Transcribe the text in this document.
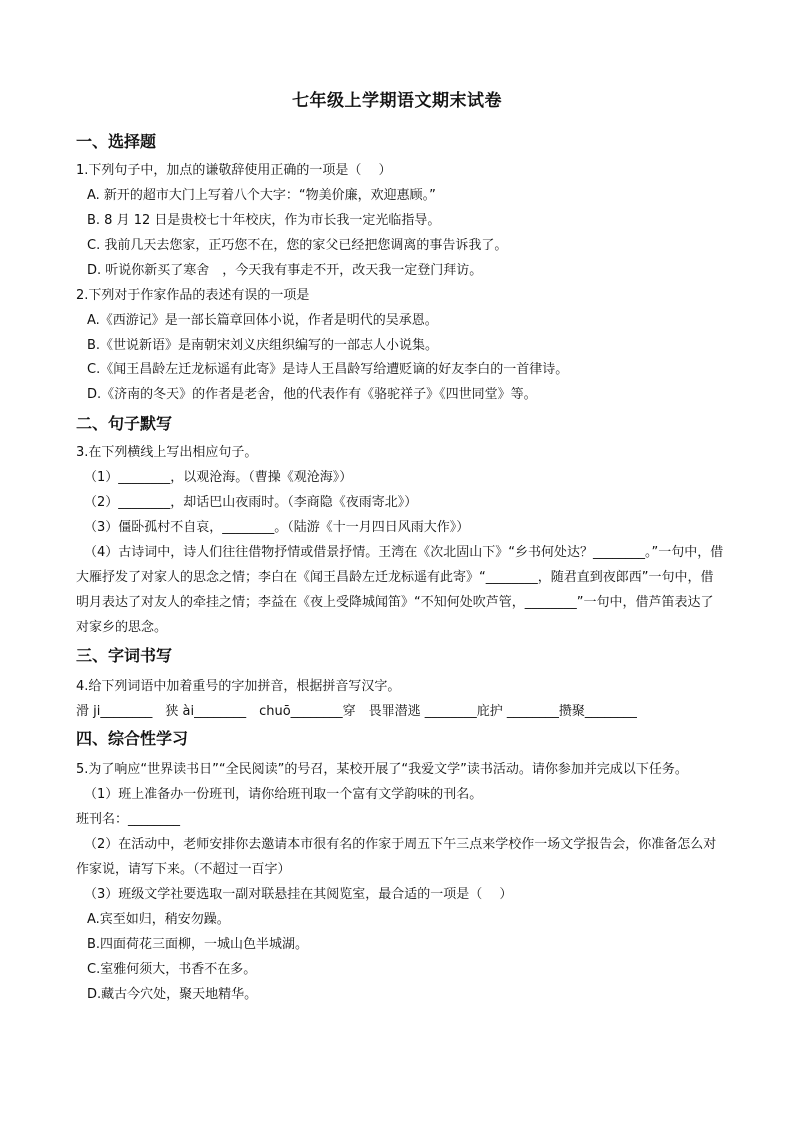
七年级上学期语文期末试卷
一、选择题
1.下列句子中，加点的谦敬辞使用正确的一项是（　 ）
A. 新开的超市大门上写着八个大字：“物美价廉，欢迎惠顾。”
B. 8 月 12 日是贵校七十年校庆，作为市长我一定光临指导。
C. 我前几天去您家，正巧您不在，您的家父已经把您调离的事告诉我了。
D. 听说你新买了寒舍　，今天我有事走不开，改天我一定登门拜访。
2.下列对于作家作品的表述有误的一项是
A.《西游记》是一部长篇章回体小说，作者是明代的吴承恩。
B.《世说新语》是南朝宋刘义庆组织编写的一部志人小说集。
C.《闻王昌龄左迁龙标遥有此寄》是诗人王昌龄写给遭贬谪的好友李白的一首律诗。
D.《济南的冬天》的作者是老舍，他的代表作有《骆驼祥子》《四世同堂》等。
二、句子默写
3.在下列横线上写出相应句子。
（1）________，以观沧海。（曹操《观沧海》）
（2）________，却话巴山夜雨时。（李商隐《夜雨寄北》）
（3）僵卧孤村不自哀，________。（陆游《十一月四日风雨大作》）
（4）古诗词中，诗人们往往借物抒情或借景抒情。王湾在《次北固山下》“乡书何处达？________。”一句中，借大雁抒发了对家人的思念之情；李白在《闻王昌龄左迁龙标遥有此寄》“________，随君直到夜郎西”一句中，借明月表达了对友人的牵挂之情；李益在《夜上受降城闻笛》“不知何处吹芦管，________”一句中，借芦笛表达了对家乡的思念。
三、字词书写
4.给下列词语中加着重号的字加拼音，根据拼音写汉字。
滑 ji________　狭 ài________　chuō________穿　畏罪潜逃 ________庇护 ________攒聚________
四、综合性学习
5.为了响应“世界读书日”“全民阅读”的号召，某校开展了“我爱文学”读书活动。请你参加并完成以下任务。
（1）班上准备办一份班刊，请你给班刊取一个富有文学韵味的刊名。
班刊名：________
（2）在活动中，老师安排你去邀请本市很有名的作家于周五下午三点来学校作一场文学报告会，你准备怎么对作家说，请写下来。（不超过一百字）
（3）班级文学社要选取一副对联悬挂在其阅览室，最合适的一项是（　 ）
A.宾至如归，稍安勿躁。
B.四面荷花三面柳，一城山色半城湖。
C.室雅何须大，书香不在多。
D.藏古今穴处，聚天地精华。
